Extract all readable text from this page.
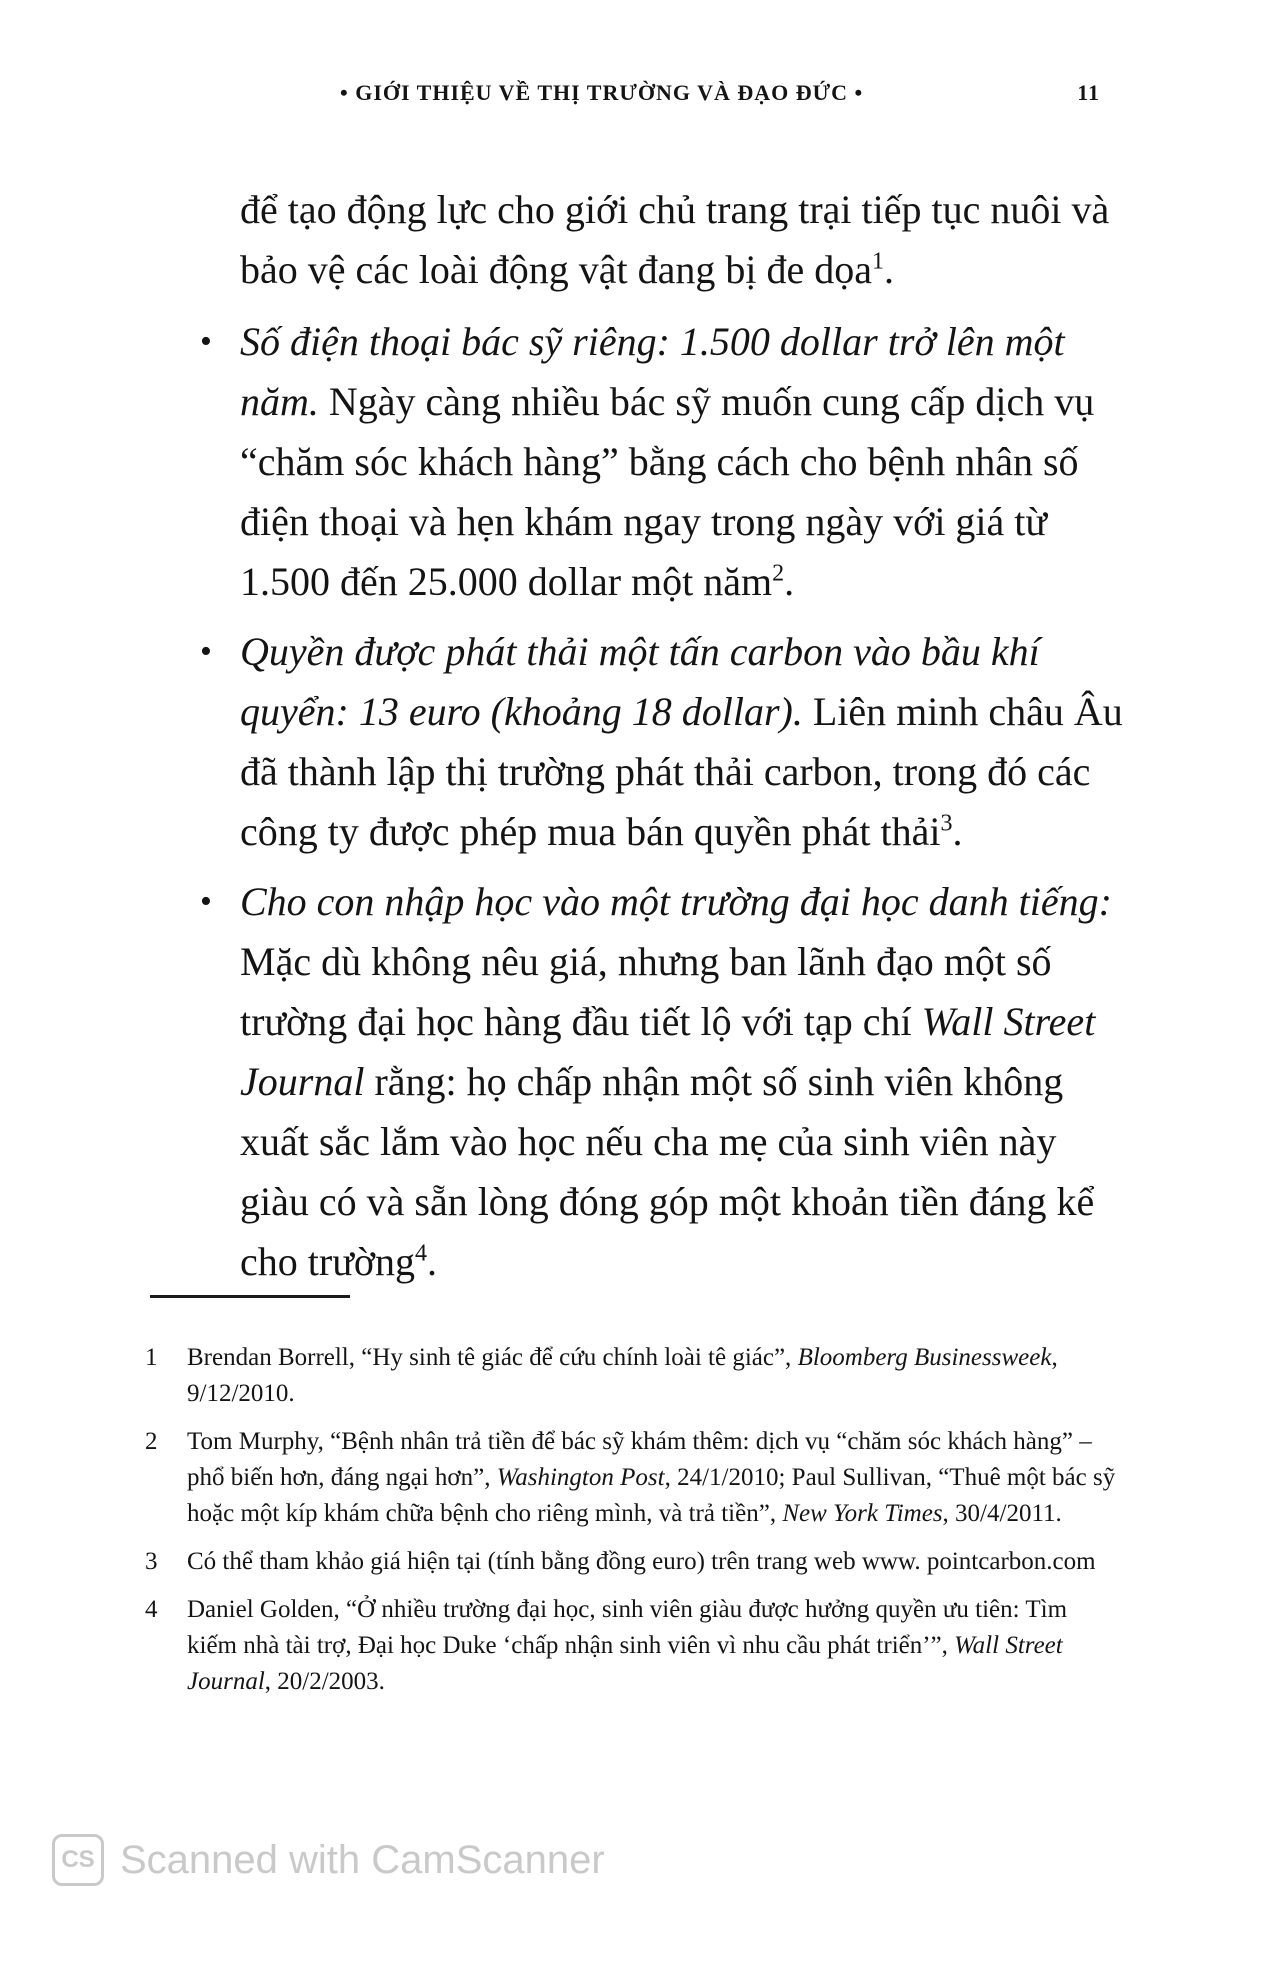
• GIỚI THIỆU VỀ THỊ TRƯỜNG VÀ ĐẠO ĐỨC •	11

để tạo động lực cho giới chủ trang trại tiếp tục nuôi và bảo vệ các loài động vật đang bị đe dọa$^1$.

• Số điện thoại bác sỹ riêng: 1.500 dollar trở lên một năm. Ngày càng nhiều bác sỹ muốn cung cấp dịch vụ “chăm sóc khách hàng” bằng cách cho bệnh nhân số điện thoại và hẹn khám ngay trong ngày với giá từ 1.500 đến 25.000 dollar một năm$^2$.
• Quyền được phát thải một tấn carbon vào bầu khí quyển: 13 euro (khoảng 18 dollar). Liên minh châu Âu đã thành lập thị trường phát thải carbon, trong đó các công ty được phép mua bán quyền phát thải$^3$.
• Cho con nhập học vào một trường đại học danh tiếng: Mặc dù không nêu giá, nhưng ban lãnh đạo một số trường đại học hàng đầu tiết lộ với tạp chí Wall Street Journal rằng: họ chấp nhận một số sinh viên không xuất sắc lắm vào học nếu cha mẹ của sinh viên này giàu có và sẵn lòng đóng góp một khoản tiền đáng kể cho trường$^4$.
1 Brendan Borrell, “Hy sinh tê giác để cứu chính loài tê giác”, Bloomberg Businessweek, 9/12/2010.
2 Tom Murphy, “Bệnh nhân trả tiền để bác sỹ khám thêm: dịch vụ “chăm sóc khách hàng” – phổ biến hơn, đáng ngại hơn”, Washington Post, 24/1/2010; Paul Sullivan, “Thuê một bác sỹ hoặc một kíp khám chữa bệnh cho riêng mình, và trả tiền”, New York Times, 30/4/2011.
3 Có thể tham khảo giá hiện tại (tính bằng đồng euro) trên trang web www. pointcarbon.com
4 Daniel Golden, “Ở nhiều trường đại học, sinh viên giàu được hưởng quyền ưu tiên: Tìm kiếm nhà tài trợ, Đại học Duke ‘chấp nhận sinh viên vì nhu cầu phát triển’”, Wall Street Journal, 20/2/2003.
CS Scanned with CamScanner
